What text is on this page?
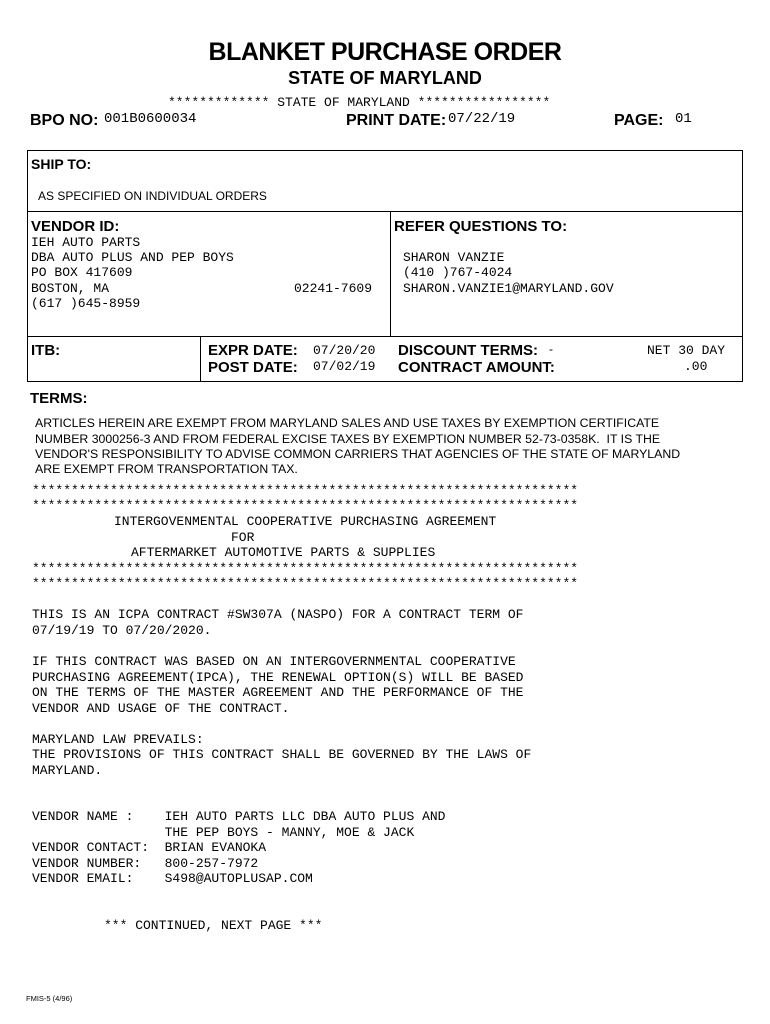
BLANKET PURCHASE ORDER
STATE OF MARYLAND
************* STATE OF MARYLAND *****************
BPO NO: 001B0600034	PRINT DATE: 07/22/19	PAGE: 01
SHIP TO:
AS SPECIFIED ON INDIVIDUAL ORDERS
VENDOR ID:
IEH AUTO PARTS
DBA AUTO PLUS AND PEP BOYS
PO BOX 417609
BOSTON, MA	02241-7609
(617 )645-8959
REFER QUESTIONS TO:
SHARON VANZIE
(410 )767-4024
SHARON.VANZIE1@MARYLAND.GOV
ITB:	EXPR DATE: 07/20/20
POST DATE: 07/02/19
DISCOUNT TERMS: -	NET 30 DAY
CONTRACT AMOUNT:	.00
TERMS:
ARTICLES HEREIN ARE EXEMPT FROM MARYLAND SALES AND USE TAXES BY EXEMPTION CERTIFICATE
NUMBER 3000256-3 AND FROM FEDERAL EXCISE TAXES BY EXEMPTION NUMBER 52-73-0358K.  IT IS THE
VENDOR'S RESPONSIBILITY TO ADVISE COMMON CARRIERS THAT AGENCIES OF THE STATE OF MARYLAND
ARE EXEMPT FROM TRANSPORTATION TAX.
**********************************************************************
**********************************************************************
INTERGOVENMENTAL COOPERATIVE PURCHASING AGREEMENT
FOR
AFTERMARKET AUTOMOTIVE PARTS & SUPPLIES
**********************************************************************
**********************************************************************
THIS IS AN ICPA CONTRACT #SW307A (NASPO) FOR A CONTRACT TERM OF
07/19/19 TO 07/20/2020.
IF THIS CONTRACT WAS BASED ON AN INTERGOVERNMENTAL COOPERATIVE
PURCHASING AGREEMENT(IPCA), THE RENEWAL OPTION(S) WILL BE BASED
ON THE TERMS OF THE MASTER AGREEMENT AND THE PERFORMANCE OF THE
VENDOR AND USAGE OF THE CONTRACT.
MARYLAND LAW PREVAILS:
THE PROVISIONS OF THIS CONTRACT SHALL BE GOVERNED BY THE LAWS OF
MARYLAND.
VENDOR NAME :    IEH AUTO PARTS LLC DBA AUTO PLUS AND
THE PEP BOYS - MANNY, MOE & JACK
VENDOR CONTACT:  BRIAN EVANOKA
VENDOR NUMBER:   800-257-7972
VENDOR EMAIL:    S498@AUTOPLUSAP.COM
*** CONTINUED, NEXT PAGE ***
FMIS-5 (4/96)
